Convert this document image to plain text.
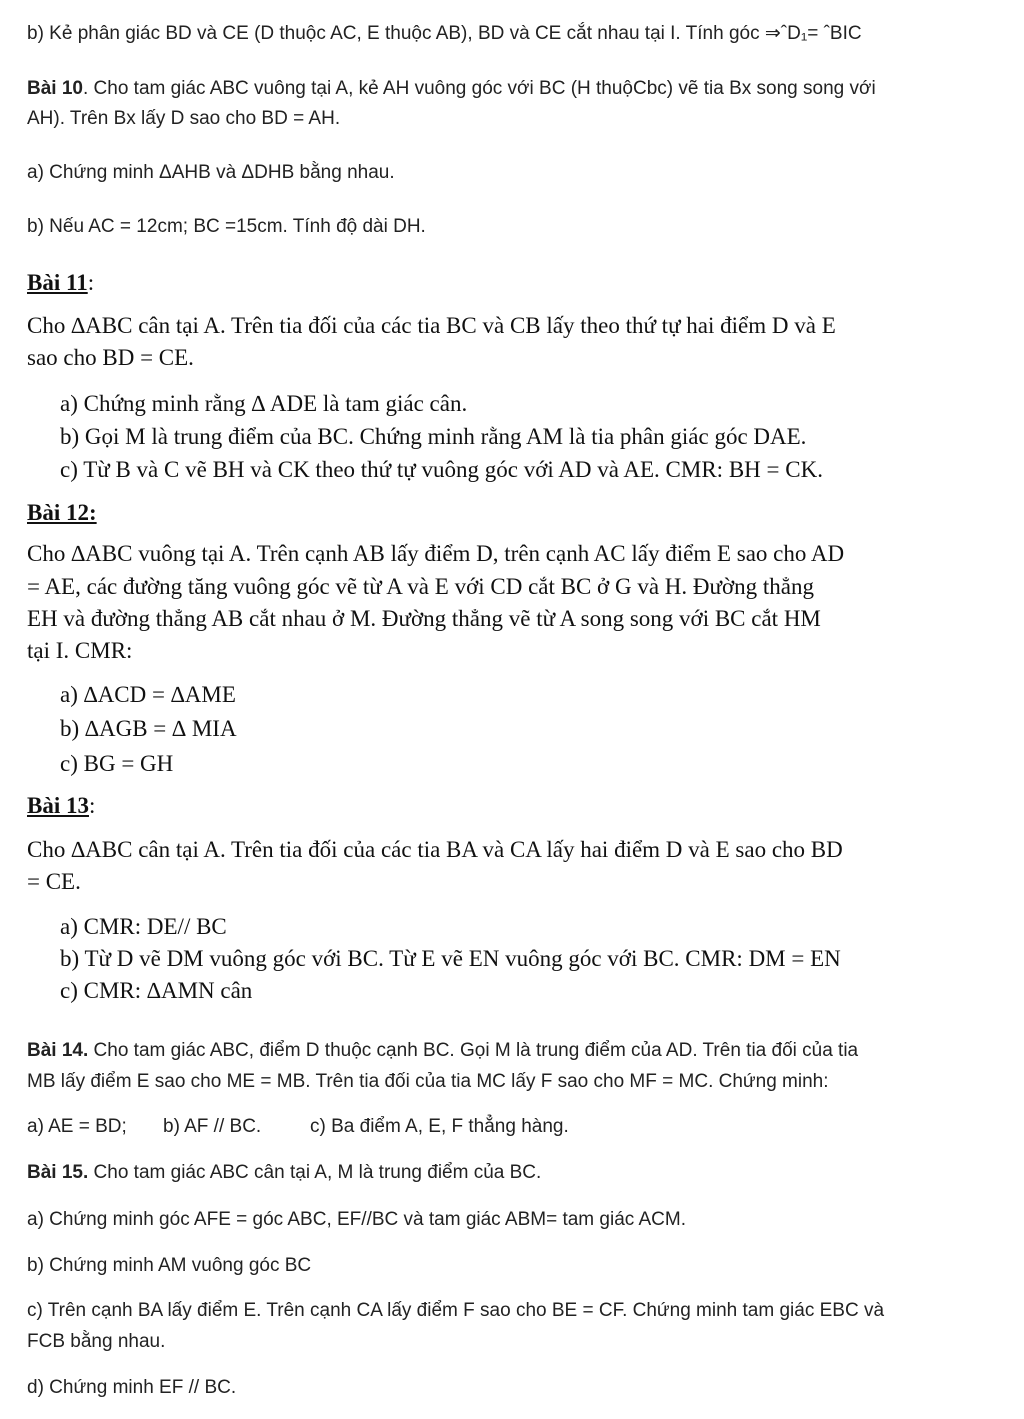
b) Kẻ phân giác BD và CE (D thuộc AC, E thuộc AB), BD và CE cắt nhau tại I. Tính góc ⇒ˆD₁= ˆBIC
Bài 10. Cho tam giác ABC vuông tại A, kẻ AH vuông góc với BC (H thuộCbc) vẽ tia Bx song song với
AH). Trên Bx lấy D sao cho BD = AH.
a) Chứng minh ΔAHB và ΔDHB bằng nhau.
b) Nếu AC = 12cm; BC =15cm. Tính độ dài DH.
Bài 11:
Cho ∆ABC cân tại A. Trên tia đối của các tia BC và CB lấy theo thứ tự hai điểm D và E
sao cho BD = CE.
a) Chứng minh rằng ∆ ADE là tam giác cân.
b) Gọi M là trung điểm của BC. Chứng minh rằng AM là tia phân giác góc DAE.
c) Từ B và C vẽ BH và CK theo thứ tự vuông góc với AD và AE. CMR: BH = CK.
Bài 12:
Cho ∆ABC vuông tại A. Trên cạnh AB lấy điểm D, trên cạnh AC lấy điểm E sao cho AD
= AE, các đường tăng vuông góc vẽ từ A và E với CD cắt BC ở G và H. Đường thẳng
EH và đường thẳng AB cắt nhau ở M. Đường thẳng vẽ từ A song song với BC cắt HM
tại I. CMR:
a) ∆ACD = ∆AME
b) ∆AGB = ∆ MIA
c) BG = GH
Bài 13:
Cho ∆ABC cân tại A. Trên tia đối của các tia BA và CA lấy hai điểm D và E sao cho BD
= CE.
a) CMR: DE// BC
b) Từ D vẽ DM vuông góc với BC. Từ E vẽ EN vuông góc với BC. CMR: DM = EN
c) CMR: ∆AMN cân
Bài 14. Cho tam giác ABC, điểm D thuộc cạnh BC. Gọi M là trung điểm của AD. Trên tia đối của tia
MB lấy điểm E sao cho ME = MB. Trên tia đối của tia MC lấy F sao cho MF = MC. Chứng minh:
a) AE = BD; b) AF // BC.	c) Ba điểm A, E, F thẳng hàng.
Bài 15. Cho tam giác ABC cân tại A, M là trung điểm của BC.
a) Chứng minh góc AFE = góc ABC, EF//BC và tam giác ABM= tam giác ACM.
b) Chứng minh AM vuông góc BC
c) Trên cạnh BA lấy điểm E. Trên cạnh CA lấy điểm F sao cho BE = CF. Chứng minh tam giác EBC và
FCB bằng nhau.
d) Chứng minh EF // BC.
